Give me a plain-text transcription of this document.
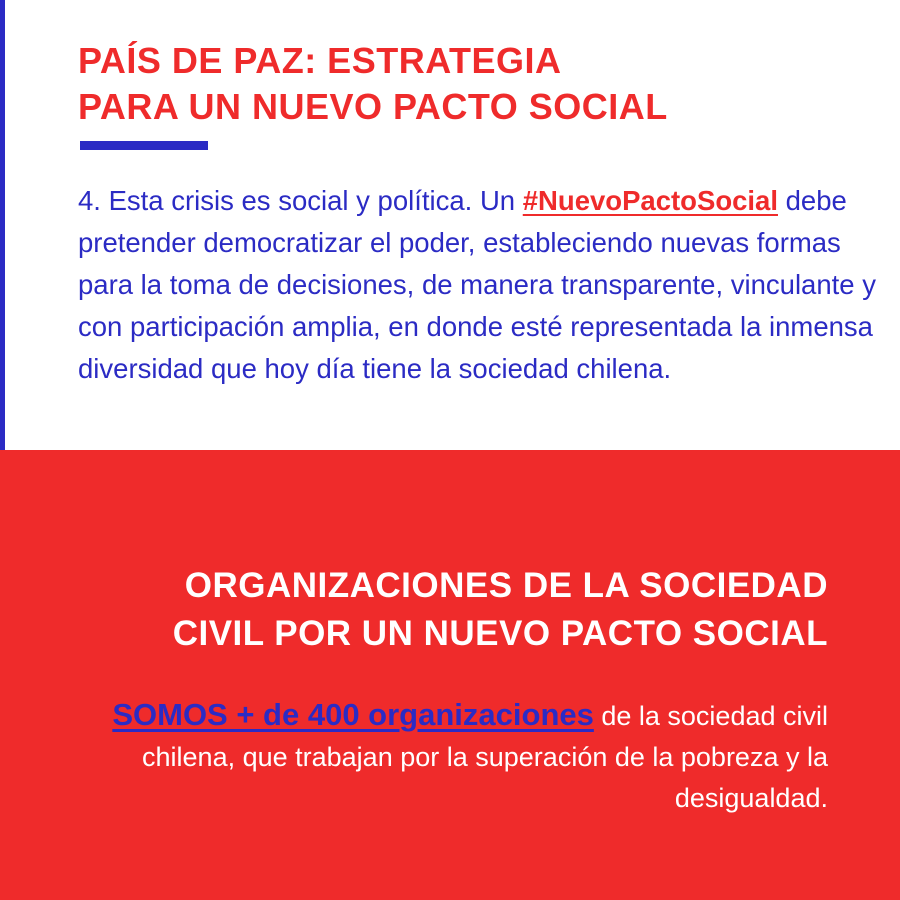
PAÍS DE PAZ: ESTRATEGIA
PARA UN NUEVO PACTO SOCIAL

4. Esta crisis es social y política. Un #NuevoPactoSocial debe pretender democratizar el poder, estableciendo nuevas formas para la toma de decisiones, de manera transparente, vinculante y con participación amplia, en donde esté representada la inmensa diversidad que hoy día tiene la sociedad chilena.

ORGANIZACIONES DE LA SOCIEDAD
CIVIL POR UN NUEVO PACTO SOCIAL

SOMOS + de 400 organizaciones de la sociedad civil chilena, que trabajan por la superación de la pobreza y la desigualdad.
